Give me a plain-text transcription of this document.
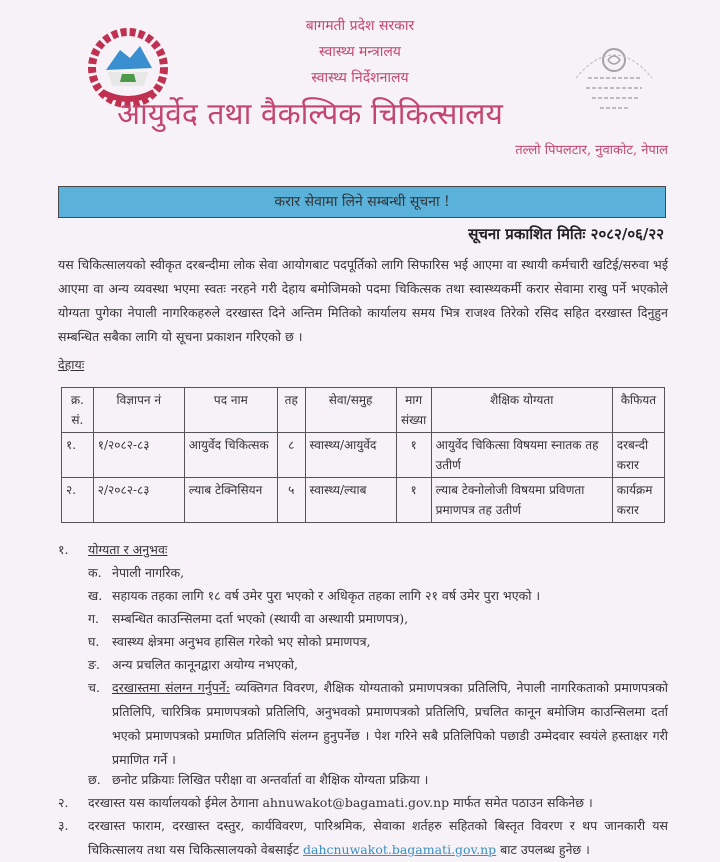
बागमती प्रदेश सरकार
स्वास्थ्य मन्त्रालय
स्वास्थ्य निर्देशनालय
आयुर्वेद तथा वैकल्पिक चिकित्सालय
तल्लो पिपलटार, नुवाकोट, नेपाल
करार सेवामा लिने सम्बन्धी सूचना !
सूचना प्रकाशित मितिः २०८२/०६/२२
यस चिकित्सालयको स्वीकृत दरबन्दीमा लोक सेवा आयोगबाट पदपूर्तिको लागि सिफारिस भई आएमा वा स्थायी कर्मचारी खटिई/सरुवा भई आएमा वा अन्य व्यवस्था भएमा स्वतः नरहने गरी देहाय बमोजिमको पदमा चिकित्सक तथा स्वास्थ्यकर्मी करार सेवामा राखु पर्ने भएकोले योग्यता पुगेका नेपाली नागरिकहरुले दरखास्त दिने अन्तिम मितिको कार्यालय समय भित्र राजश्व तिरेको रसिद सहित दरखास्त दिनुहुन सम्बन्धित सबैका लागि यो सूचना प्रकाशन गरिएको छ ।
देहायः
क्र. सं.	विज्ञापन नं	पद नाम	तह	सेवा/समुह	माग संख्या	शैक्षिक योग्यता	कैफियत
१.	१/२०८२-८३	आयुर्वेद चिकित्सक	८	स्वास्थ्य/आयुर्वेद	१	आयुर्वेद चिकित्सा विषयमा स्नातक तह उतीर्ण	दरबन्दी करार
२.	२/२०८२-८३	ल्याब टेक्निसियन	५	स्वास्थ्य/ल्याब	१	ल्याब टेक्नोलोजी विषयमा प्रविणता प्रमाणपत्र तह उतीर्ण	कार्यक्रम करार
१. योग्यता र अनुभवः
क. नेपाली नागरिक,
ख. सहायक तहका लागि १८ वर्ष उमेर पुरा भएको र अधिकृत तहका लागि २१ वर्ष उमेर पुरा भएको ।
ग. सम्बन्धित काउन्सिलमा दर्ता भएको (स्थायी वा अस्थायी प्रमाणपत्र),
घ. स्वास्थ्य क्षेत्रमा अनुभव हासिल गरेको भए सोको प्रमाणपत्र,
ङ. अन्य प्रचलित कानूनद्वारा अयोग्य नभएको,
च. दरखास्तमा संलग्न गर्नुपर्ने: व्यक्तिगत विवरण, शैक्षिक योग्यताको प्रमाणपत्रका प्रतिलिपि, नेपाली नागरिकताको प्रमाणपत्रको प्रतिलिपि, चारित्रिक प्रमाणपत्रको प्रतिलिपि, अनुभवको प्रमाणपत्रको प्रतिलिपि, प्रचलित कानून बमोजिम काउन्सिलमा दर्ता भएको प्रमाणपत्रको प्रमाणित प्रतिलिपि संलग्न हुनुपर्नेछ । पेश गरिने सबै प्रतिलिपिको पछाडी उम्मेदवार स्वयंले हस्ताक्षर गरी प्रमाणित गर्ने ।
छ. छनोट प्रक्रियाः लिखित परीक्षा वा अन्तर्वार्ता वा शैक्षिक योग्यता प्रक्रिया ।
२. दरखास्त यस कार्यालयको ईमेल ठेगाना ahnuwakot@bagamati.gov.np मार्फत समेत पठाउन सकिनेछ ।
३. दरखास्त फाराम, दरखास्त दस्तुर, कार्यविवरण, पारिश्रमिक, सेवाका शर्तहरु सहितको बिस्तृत विवरण र थप जानकारी यस चिकित्सालय तथा यस चिकित्सालयको वेबसाईट dahcnuwakot.bagamati.gov.np बाट उपलब्ध हुनेछ ।
